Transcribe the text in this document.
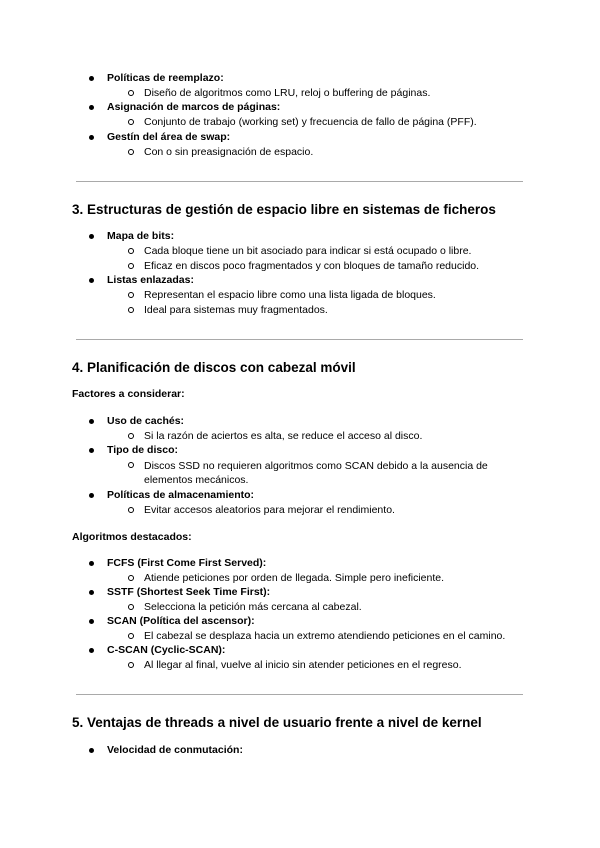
Políticas de reemplazo:
Diseño de algoritmos como LRU, reloj o buffering de páginas.
Asignación de marcos de páginas:
Conjunto de trabajo (working set) y frecuencia de fallo de página (PFF).
Gestín del área de swap:
Con o sin preasignación de espacio.
3. Estructuras de gestión de espacio libre en sistemas de ficheros
Mapa de bits:
Cada bloque tiene un bit asociado para indicar si está ocupado o libre.
Eficaz en discos poco fragmentados y con bloques de tamaño reducido.
Listas enlazadas:
Representan el espacio libre como una lista ligada de bloques.
Ideal para sistemas muy fragmentados.
4. Planificación de discos con cabezal móvil
Factores a considerar:
Uso de cachés:
Si la razón de aciertos es alta, se reduce el acceso al disco.
Tipo de disco:
Discos SSD no requieren algoritmos como SCAN debido a la ausencia de elementos mecánicos.
Políticas de almacenamiento:
Evitar accesos aleatorios para mejorar el rendimiento.
Algoritmos destacados:
FCFS (First Come First Served):
Atiende peticiones por orden de llegada. Simple pero ineficiente.
SSTF (Shortest Seek Time First):
Selecciona la petición más cercana al cabezal.
SCAN (Política del ascensor):
El cabezal se desplaza hacia un extremo atendiendo peticiones en el camino.
C-SCAN (Cyclic-SCAN):
Al llegar al final, vuelve al inicio sin atender peticiones en el regreso.
5. Ventajas de threads a nivel de usuario frente a nivel de kernel
Velocidad de conmutación:
